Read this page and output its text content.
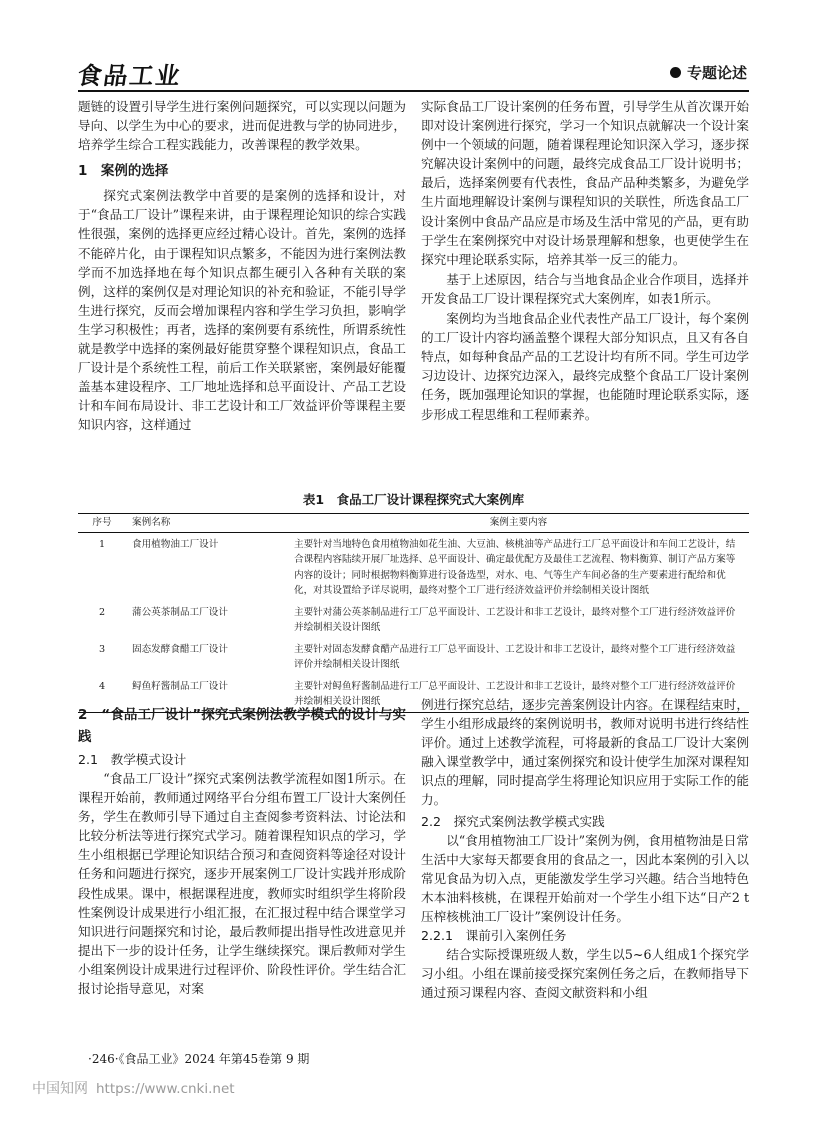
食品工业	专题论述

题链的设置引导学生进行案例问题探究，可以实现以问题为导向、以学生为中心的要求，进而促进教与学的协同进步，培养学生综合工程实践能力，改善课程的教学效果。

1　案例的选择

探究式案例法教学中首要的是案例的选择和设计，对于“食品工厂设计”课程来讲，由于课程理论知识的综合实践性很强，案例的选择更应经过精心设计。首先，案例的选择不能碎片化，由于课程知识点繁多，不能因为进行案例法教学而不加选择地在每个知识点都生硬引入各种有关联的案例，这样的案例仅是对理论知识的补充和验证，不能引导学生进行探究，反而会增加课程内容和学生学习负担，影响学生学习积极性；再者，选择的案例要有系统性，所谓系统性就是教学中选择的案例最好能贯穿整个课程知识点，食品工厂设计是个系统性工程，前后工作关联紧密，案例最好能覆盖基本建设程序、工厂地址选择和总平面设计、产品工艺设计和车间布局设计、非工艺设计和工厂效益评价等课程主要知识内容，这样通过

实际食品工厂设计案例的任务布置，引导学生从首次课开始即对设计案例进行探究，学习一个知识点就解决一个设计案例中一个领域的问题，随着课程理论知识深入学习，逐步探究解决设计案例中的问题，最终完成食品工厂设计说明书；最后，选择案例要有代表性，食品产品种类繁多，为避免学生片面地理解设计案例与课程知识的关联性，所选食品工厂设计案例中食品产品应是市场及生活中常见的产品，更有助于学生在案例探究中对设计场景理解和想象，也更使学生在探究中理论联系实际，培养其举一反三的能力。

基于上述原因，结合与当地食品企业合作项目，选择并开发食品工厂设计课程探究式大案例库，如表1所示。

案例均为当地食品企业代表性产品工厂设计，每个案例的工厂设计内容均涵盖整个课程大部分知识点，且又有各自特点，如每种食品产品的工艺设计均有所不同。学生可边学习边设计、边探究边深入，最终完成整个食品工厂设计案例任务，既加强理论知识的掌握，也能随时理论联系实际，逐步形成工程思维和工程师素养。

表1　食品工厂设计课程探究式大案例库
序号	案例名称	案例主要内容
1	食用植物油工厂设计	主要针对当地特色食用植物油如花生油、大豆油、核桃油等产品进行工厂总平面设计和车间工艺设计，结合课程内容陆续开展厂址选择、总平面设计、确定最优配方及最佳工艺流程、物料衡算、制订产品方案等内容的设计；同时根据物料衡算进行设备选型，对水、电、气等生产车间必备的生产要素进行配给和优化，对其设置给予详尽说明，最终对整个工厂进行经济效益评价并绘制相关设计图纸
2	蒲公英茶制品工厂设计	主要针对蒲公英茶制品进行工厂总平面设计、工艺设计和非工艺设计，最终对整个工厂进行经济效益评价并绘制相关设计图纸
3	固态发酵食醋工厂设计	主要针对固态发酵食醋产品进行工厂总平面设计、工艺设计和非工艺设计，最终对整个工厂进行经济效益评价并绘制相关设计图纸
4	鲟鱼籽酱制品工厂设计	主要针对鲟鱼籽酱制品进行工厂总平面设计、工艺设计和非工艺设计，最终对整个工厂进行经济效益评价并绘制相关设计图纸
2　“食品工厂设计”探究式案例法教学模式的设计与实践
2.1　教学模式设计

“食品工厂设计”探究式案例法教学流程如图1所示。在课程开始前，教师通过网络平台分组布置工厂设计大案例任务，学生在教师引导下通过自主查阅参考资料法、讨论法和比较分析法等进行探究式学习。随着课程知识点的学习，学生小组根据已学理论知识结合预习和查阅资料等途径对设计任务和问题进行探究，逐步开展案例工厂设计实践并形成阶段性成果。课中，根据课程进度，教师实时组织学生将阶段性案例设计成果进行小组汇报，在汇报过程中结合课堂学习知识进行问题探究和讨论，最后教师提出指导性改进意见并提出下一步的设计任务，让学生继续探究。课后教师对学生小组案例设计成果进行过程评价、阶段性评价。学生结合汇报讨论指导意见，对案

例进行探究总结，逐步完善案例设计内容。在课程结束时，学生小组形成最终的案例说明书，教师对说明书进行终结性评价。通过上述教学流程，可将最新的食品工厂设计大案例融入课堂教学中，通过案例探究和设计使学生加深对课程知识点的理解，同时提高学生将理论知识应用于实际工作的能力。

2.2　探究式案例法教学模式实践

以“食用植物油工厂设计”案例为例，食用植物油是日常生活中大家每天都要食用的食品之一，因此本案例的引入以常见食品为切入点，更能激发学生学习兴趣。结合当地特色木本油料核桃，在课程开始前对一个学生小组下达“日产2 t压榨核桃油工厂设计”案例设计任务。

2.2.1　课前引入案例任务

结合实际授课班级人数，学生以5~6人组成1个探究学习小组。小组在课前接受探究案例任务之后，在教师指导下通过预习课程内容、查阅文献资料和小组

·246·《食品工业》2024 年第45卷第 9 期
中国知网 https://www.cnki.net
